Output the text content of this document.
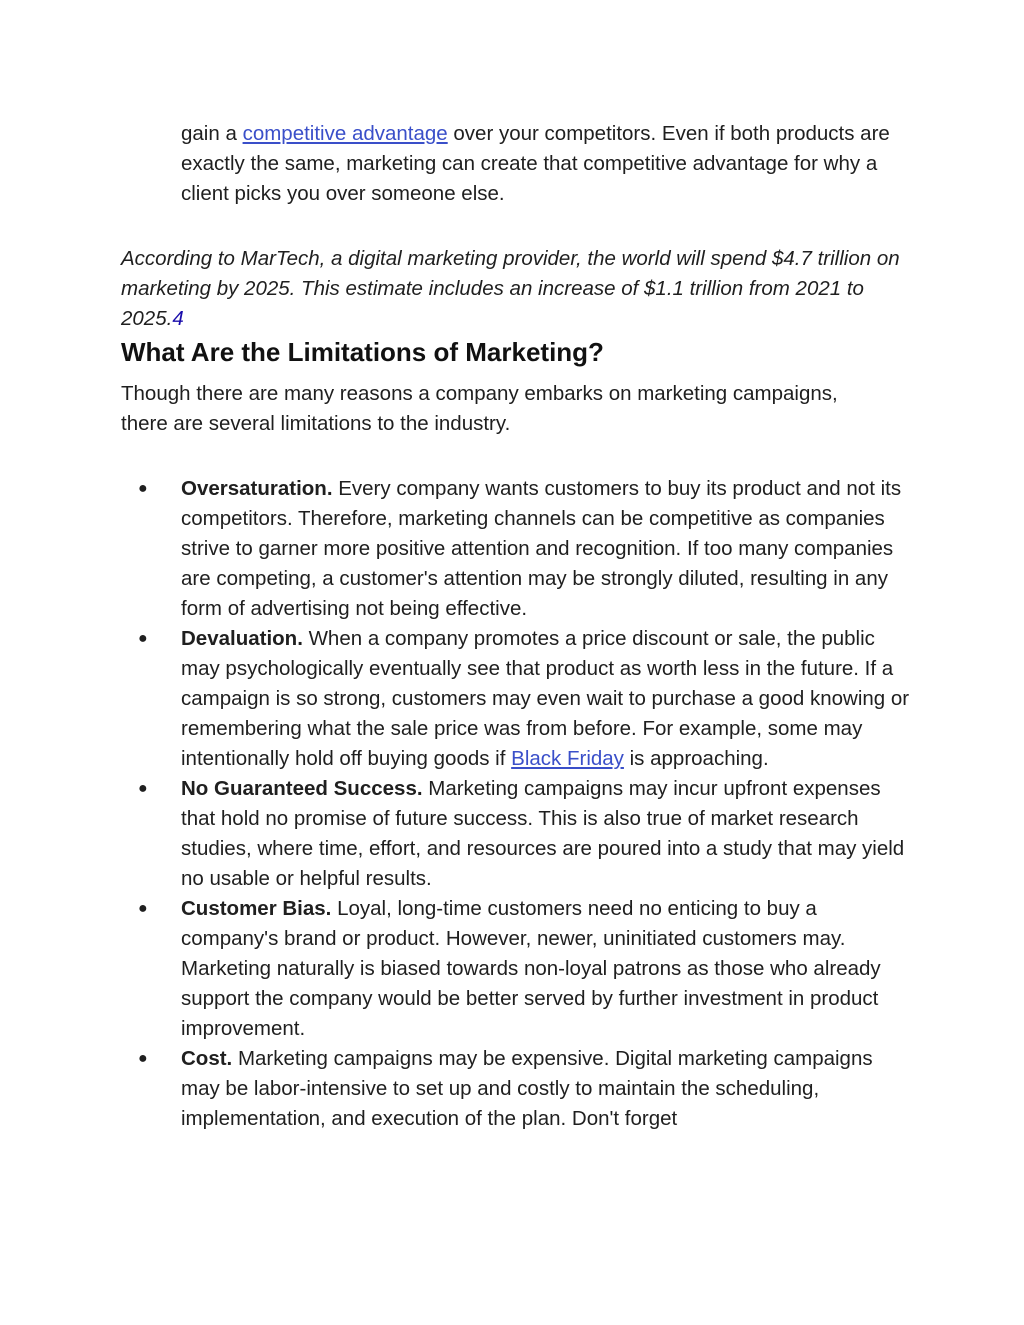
gain a competitive advantage over your competitors. Even if both products are exactly the same, marketing can create that competitive advantage for why a client picks you over someone else.

According to MarTech, a digital marketing provider, the world will spend $4.7 trillion on marketing by 2025. This estimate includes an increase of $1.1 trillion from 2021 to 2025.4

What Are the Limitations of Marketing?

Though there are many reasons a company embarks on marketing campaigns, there are several limitations to the industry.

● Oversaturation. Every company wants customers to buy its product and not its competitors. Therefore, marketing channels can be competitive as companies strive to garner more positive attention and recognition. If too many companies are competing, a customer's attention may be strongly diluted, resulting in any form of advertising not being effective.
● Devaluation. When a company promotes a price discount or sale, the public may psychologically eventually see that product as worth less in the future. If a campaign is so strong, customers may even wait to purchase a good knowing or remembering what the sale price was from before. For example, some may intentionally hold off buying goods if Black Friday is approaching.
● No Guaranteed Success. Marketing campaigns may incur upfront expenses that hold no promise of future success. This is also true of market research studies, where time, effort, and resources are poured into a study that may yield no usable or helpful results.
● Customer Bias. Loyal, long-time customers need no enticing to buy a company's brand or product. However, newer, uninitiated customers may. Marketing naturally is biased towards non-loyal patrons as those who already support the company would be better served by further investment in product improvement.
● Cost. Marketing campaigns may be expensive. Digital marketing campaigns may be labor-intensive to set up and costly to maintain the scheduling, implementation, and execution of the plan. Don't forget
